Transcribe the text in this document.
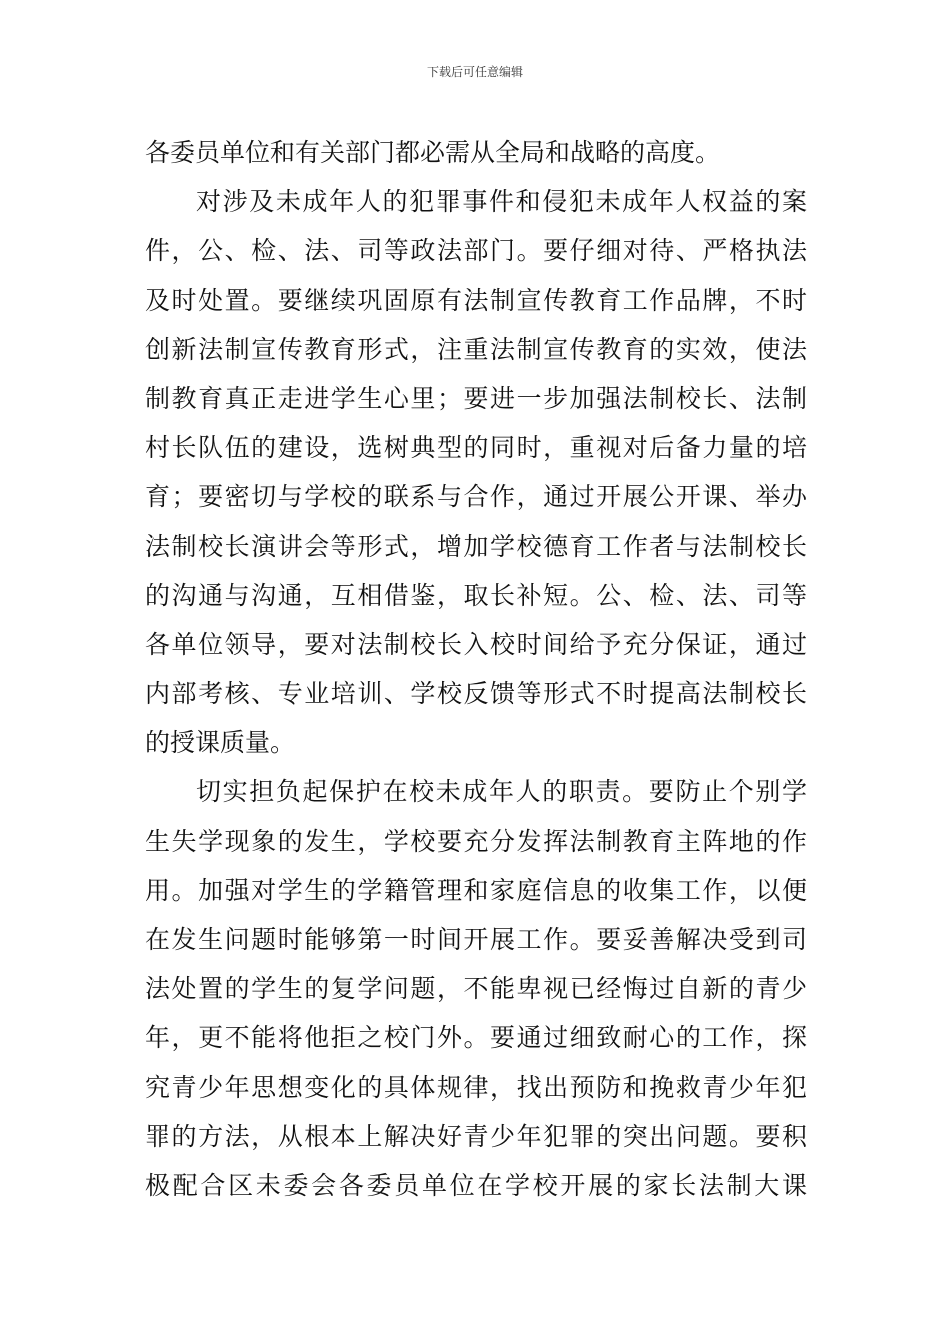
下载后可任意编辑
各委员单位和有关部门都必需从全局和战略的高度。
对涉及未成年人的犯罪事件和侵犯未成年人权益的案
件，公、检、法、司等政法部门。要仔细对待、严格执法
及时处置。要继续巩固原有法制宣传教育工作品牌，不时
创新法制宣传教育形式，注重法制宣传教育的实效，使法
制教育真正走进学生心里；要进一步加强法制校长、法制
村长队伍的建设，选树典型的同时，重视对后备力量的培
育；要密切与学校的联系与合作，通过开展公开课、举办
法制校长演讲会等形式，增加学校德育工作者与法制校长
的沟通与沟通，互相借鉴，取长补短。公、检、法、司等
各单位领导，要对法制校长入校时间给予充分保证，通过
内部考核、专业培训、学校反馈等形式不时提高法制校长
的授课质量。
切实担负起保护在校未成年人的职责。要防止个别学
生失学现象的发生，学校要充分发挥法制教育主阵地的作
用。加强对学生的学籍管理和家庭信息的收集工作，以便
在发生问题时能够第一时间开展工作。要妥善解决受到司
法处置的学生的复学问题，不能卑视已经悔过自新的青少
年，更不能将他拒之校门外。要通过细致耐心的工作，探
究青少年思想变化的具体规律，找出预防和挽救青少年犯
罪的方法，从根本上解决好青少年犯罪的突出问题。要积
极配合区未委会各委员单位在学校开展的家长法制大课
